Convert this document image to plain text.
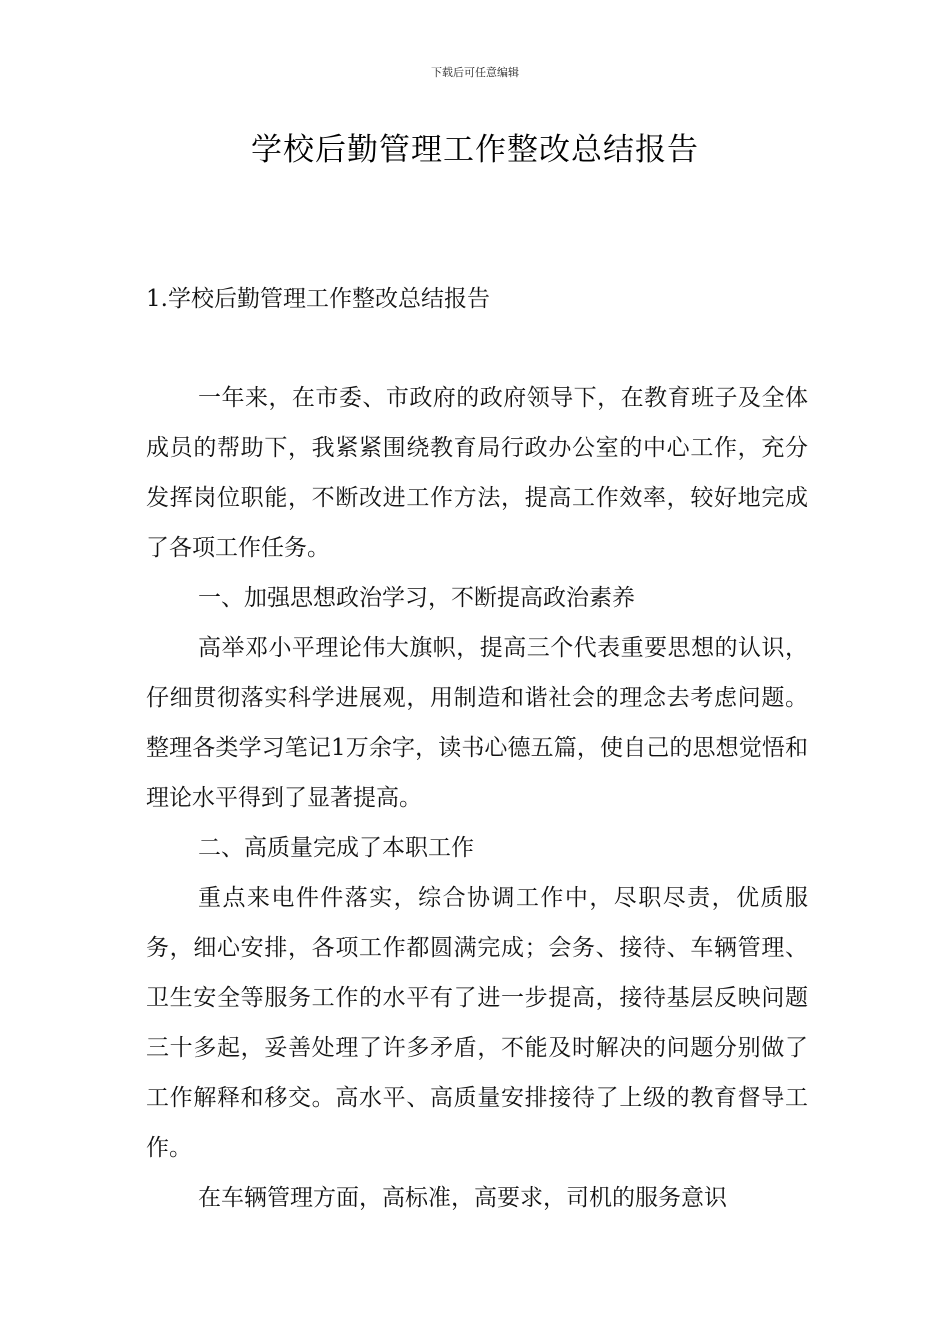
下载后可任意编辑
学校后勤管理工作整改总结报告

1.学校后勤管理工作整改总结报告

一年来，在市委、市政府的政府领导下，在教育班子及全体成员的帮助下，我紧紧围绕教育局行政办公室的中心工作，充分发挥岗位职能，不断改进工作方法，提高工作效率，较好地完成了各项工作任务。

一、加强思想政治学习，不断提高政治素养

高举邓小平理论伟大旗帜，提高三个代表重要思想的认识，仔细贯彻落实科学进展观，用制造和谐社会的理念去考虑问题。整理各类学习笔记1万余字，读书心德五篇，使自己的思想觉悟和理论水平得到了显著提高。

二、高质量完成了本职工作

重点来电件件落实，综合协调工作中，尽职尽责，优质服务，细心安排，各项工作都圆满完成；会务、接待、车辆管理、卫生安全等服务工作的水平有了进一步提高，接待基层反映问题三十多起，妥善处理了许多矛盾，不能及时解决的问题分别做了工作解释和移交。高水平、高质量安排接待了上级的教育督导工作。

在车辆管理方面，高标准，高要求，司机的服务意识
